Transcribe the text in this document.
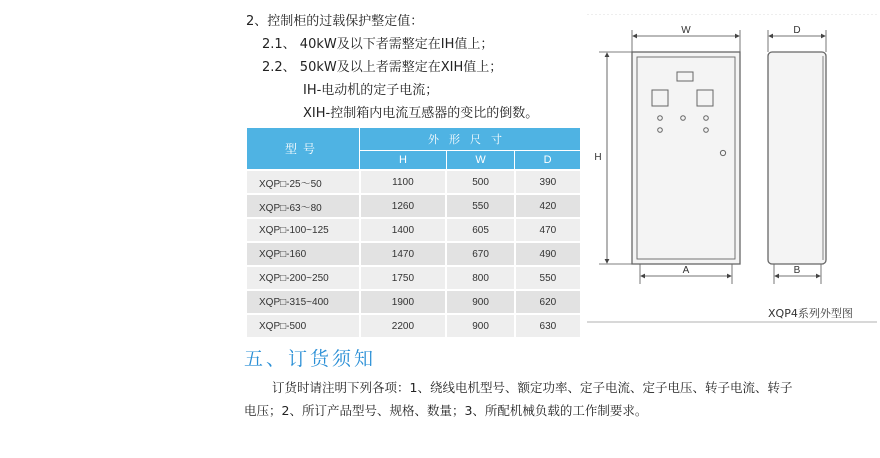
2、控制柜的过载保护整定值：
2.1、 40kW及以下者需整定在IH值上；
2.2、 50kW及以上者需整定在XIH值上；
IH-电动机的定子电流；
XIH-控制箱内电流互感器的变比的倒数。
型号	外形尺寸		
	H	W	D
XQP□-25～50	1100	500	390
XQP□-63～80	1260	550	420
XQP□-100~125	1400	605	470
XQP□-160	1470	670	490
XQP□-200~250	1750	800	550
XQP□-315~400	1900	900	620
XQP□-500	2200	900	630
W	D
H
A	B
XQP4系列外型图
五、订货须知
订货时请注明下列各项：1、绕线电机型号、额定功率、定子电流、定子电压、转子电流、转子
电压；2、所订产品型号、规格、数量；3、所配机械负载的工作制要求。
